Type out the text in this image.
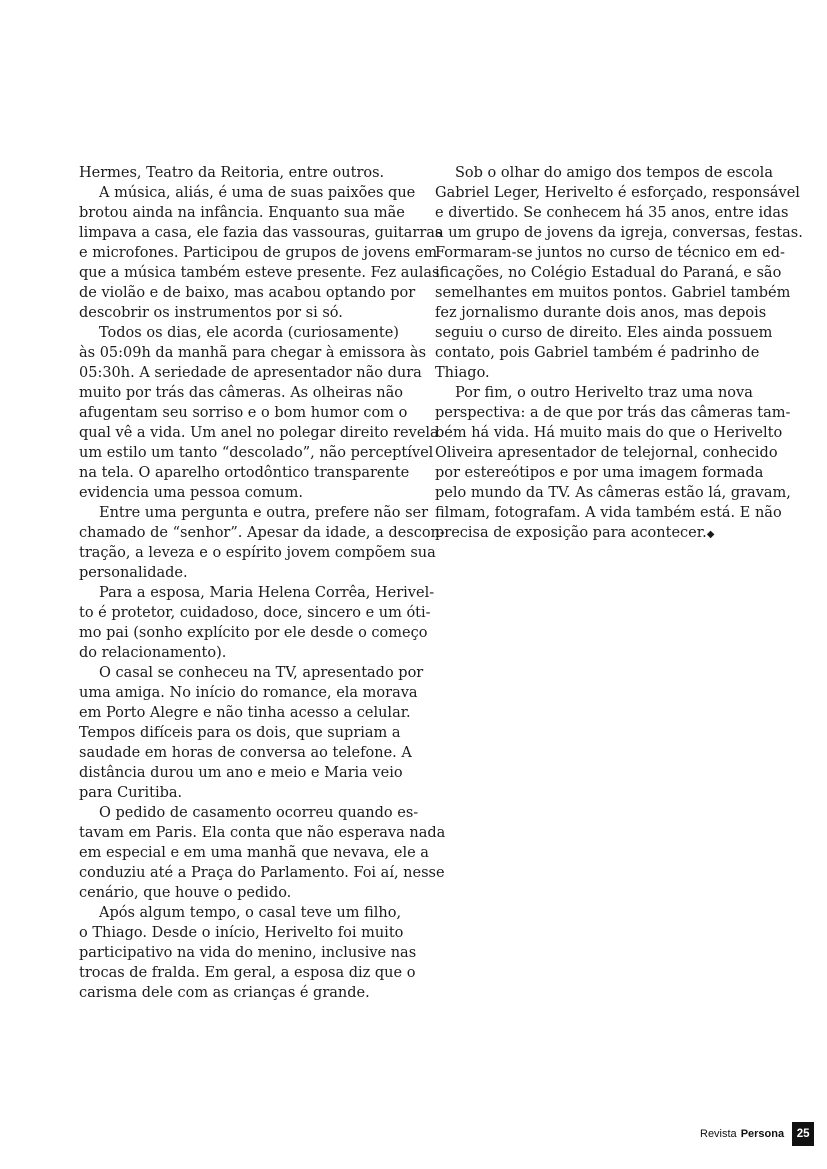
Hermes, Teatro da Reitoria, entre outros.
A música, aliás, é uma de suas paixões que
brotou ainda na infância. Enquanto sua mãe
limpava a casa, ele fazia das vassouras, guitarras
e microfones. Participou de grupos de jovens em
que a música também esteve presente. Fez aulas
de violão e de baixo, mas acabou optando por
descobrir os instrumentos por si só.
Todos os dias, ele acorda (curiosamente)
às 05:09h da manhã para chegar à emissora às
05:30h. A seriedade de apresentador não dura
muito por trás das câmeras. As olheiras não
afugentam seu sorriso e o bom humor com o
qual vê a vida. Um anel no polegar direito revela
um estilo um tanto “descolado”, não perceptível
na tela. O aparelho ortodôntico transparente
evidencia uma pessoa comum.
Entre uma pergunta e outra, prefere não ser
chamado de “senhor”. Apesar da idade, a descon-
tração, a leveza e o espírito jovem compõem sua
personalidade.
Para a esposa, Maria Helena Corrêa, Herivel-
to é protetor, cuidadoso, doce, sincero e um óti-
mo pai (sonho explícito por ele desde o começo
do relacionamento).
O casal se conheceu na TV, apresentado por
uma amiga. No início do romance, ela morava
em Porto Alegre e não tinha acesso a celular.
Tempos difíceis para os dois, que supriam a
saudade em horas de conversa ao telefone. A
distância durou um ano e meio e Maria veio
para Curitiba.
O pedido de casamento ocorreu quando es-
tavam em Paris. Ela conta que não esperava nada
em especial e em uma manhã que nevava, ele a
conduziu até a Praça do Parlamento. Foi aí, nesse
cenário, que houve o pedido.
Após algum tempo, o casal teve um filho,
o Thiago. Desde o início, Herivelto foi muito
participativo na vida do menino, inclusive nas
trocas de fralda. Em geral, a esposa diz que o
carisma dele com as crianças é grande.
Sob o olhar do amigo dos tempos de escola
Gabriel Leger, Herivelto é esforçado, responsável
e divertido. Se conhecem há 35 anos, entre idas
a um grupo de jovens da igreja, conversas, festas.
Formaram-se juntos no curso de técnico em ed-
ificações, no Colégio Estadual do Paraná, e são
semelhantes em muitos pontos. Gabriel também
fez jornalismo durante dois anos, mas depois
seguiu o curso de direito. Eles ainda possuem
contato, pois Gabriel também é padrinho de
Thiago.
Por fim, o outro Herivelto traz uma nova
perspectiva: a de que por trás das câmeras tam-
bém há vida. Há muito mais do que o Herivelto
Oliveira apresentador de telejornal, conhecido
por estereótipos e por uma imagem formada
pelo mundo da TV. As câmeras estão lá, gravam,
filmam, fotografam. A vida também está. E não
precisa de exposição para acontecer.◆
Revista Persona	25
